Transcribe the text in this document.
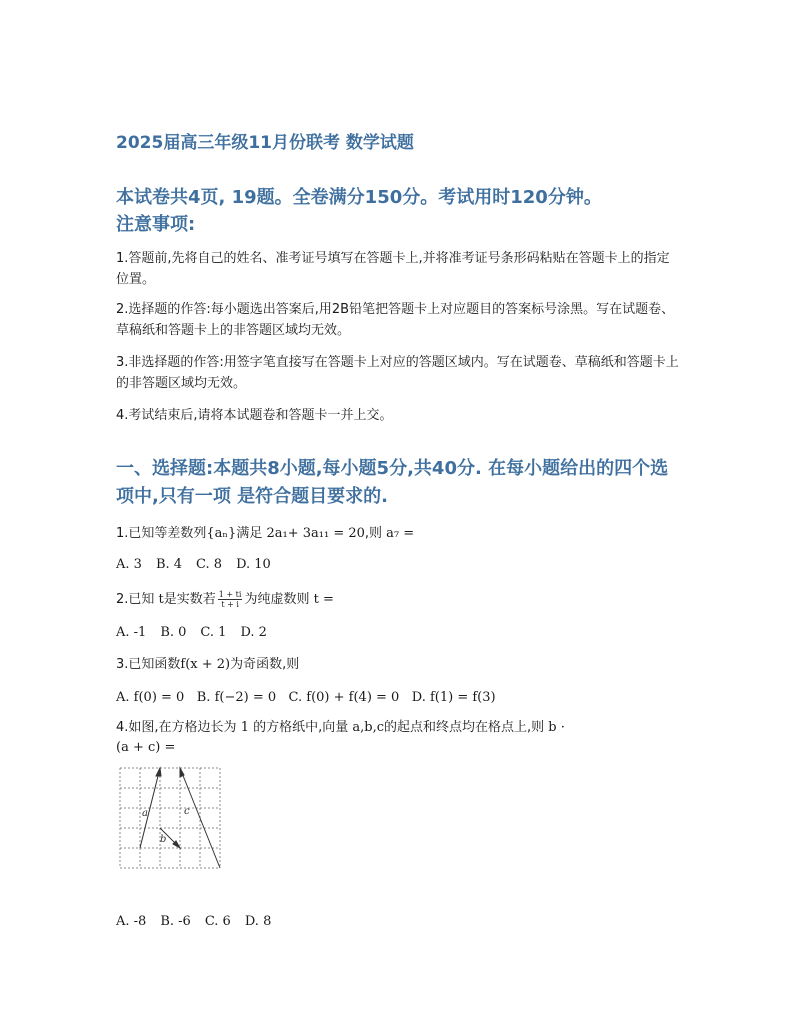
2025届高三年级11月份联考 数学试题
本试卷共4页, 19题。全卷满分150分。考试用时120分钟。
注意事项:
1.答题前,先将自己的姓名、准考证号填写在答题卡上,并将准考证号条形码粘贴在答题卡上的指定位置。
2.选择题的作答:每小题选出答案后,用2B铅笔把答题卡上对应题目的答案标号涂黑。写在试题卷、草稿纸和答题卡上的非答题区域均无效。
3.非选择题的作答:用签字笔直接写在答题卡上对应的答题区域内。写在试题卷、草稿纸和答题卡上的非答题区域均无效。
4.考试结束后,请将本试题卷和答题卡一并上交。
一、选择题:本题共8小题,每小题5分,共40分. 在每小题给出的四个选项中,只有一项 是符合题目要求的.
1.已知等差数列{aₙ}满足 2a₁+ 3a₁₁ = 20,则 a₇ =
A. 3 B. 4 C. 8 D. 10
2.已知 t是实数若 $\frac{1 + ti}{t + i}$ 为纯虚数则 t =
A. -1 B. 0 C. 1 D. 2
3.已知函数f(x + 2)为奇函数,则
A. f(0) = 0 B. f(−2) = 0 C. f(0) + f(4) = 0 D. f(1) = f(3)
4.如图,在方格边长为 1 的方格纸中,向量 a,b,c的起点和终点均在格点上,则 b ·
(a + c) =
a
b
c
A. -8 B. -6 C. 6 D. 8
